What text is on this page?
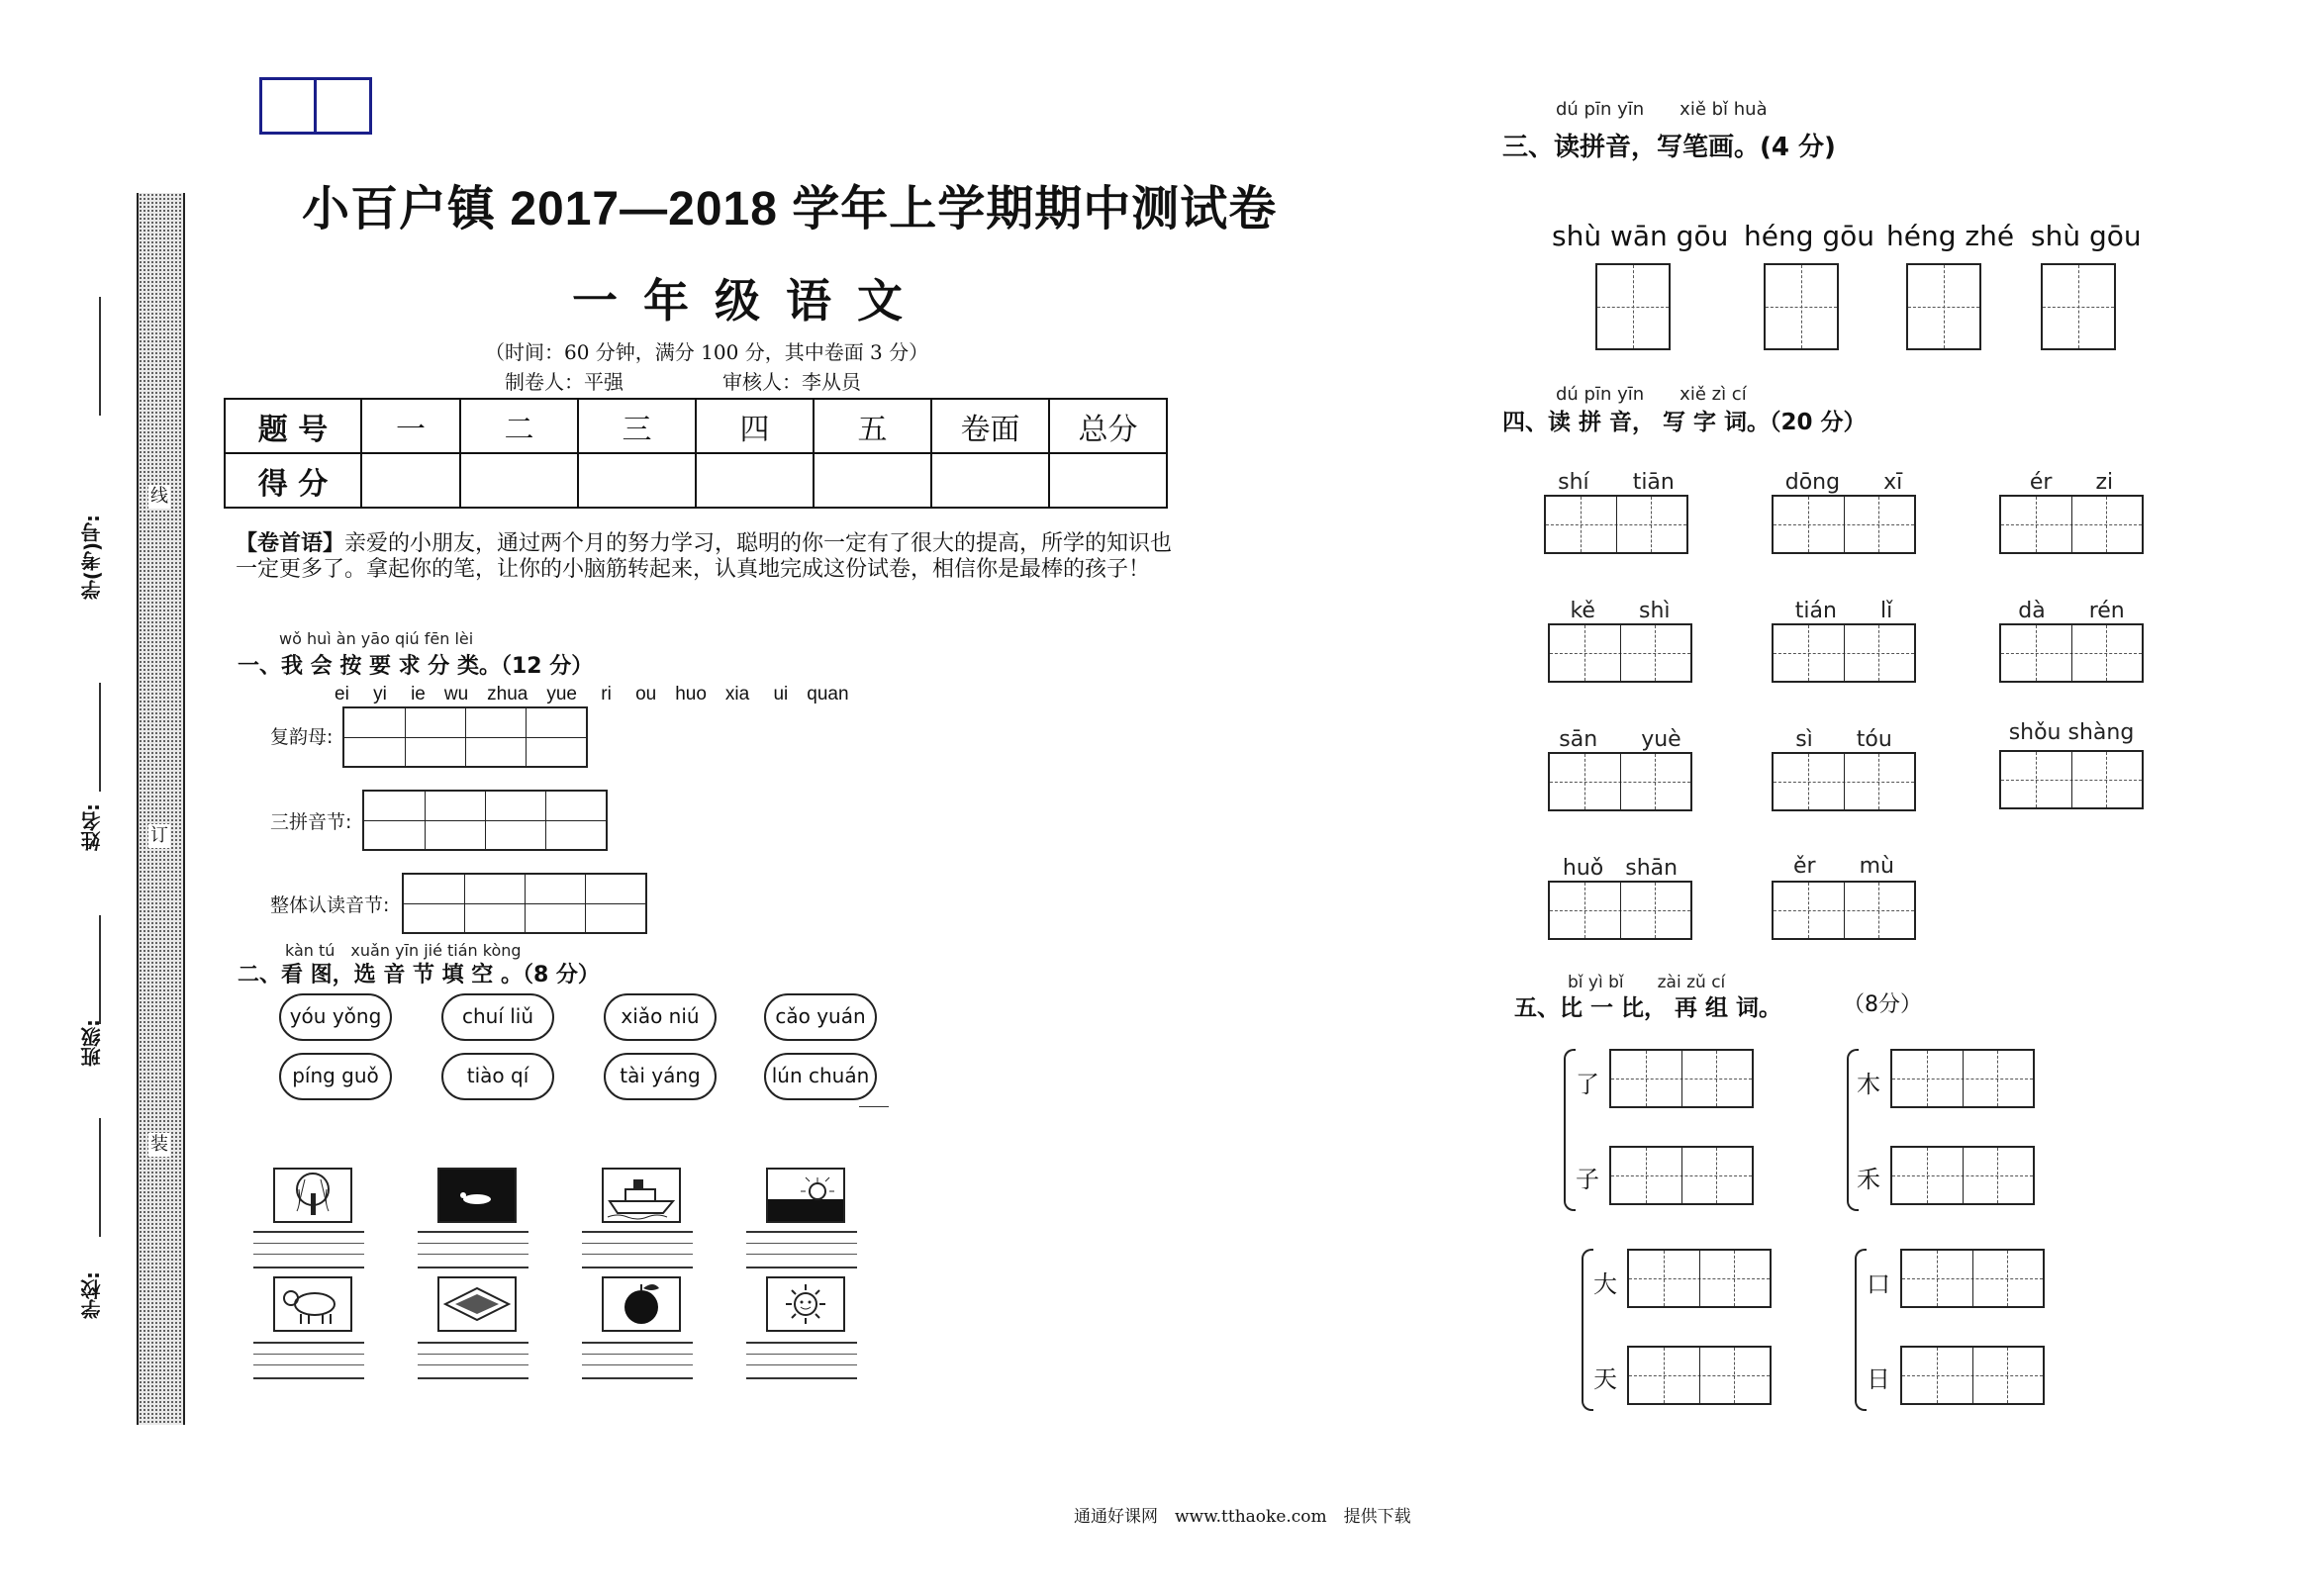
线
订
装
学(考)号:
姓名:
班级:
学校:
小百户镇 2017—2018 学年上学期期中测试卷
一年级语文
（时间：60 分钟，满分 100 分，其中卷面 3 分）
制卷人：平强　　　　　审核人：李从员
题 号	一	二	三	四	五	卷面	总分
得 分							
【卷首语】亲爱的小朋友，通过两个月的努力学习，聪明的你一定有了很大的提高，所学的知识也一定更多了。拿起你的笔，让你的小脑筋转起来，认真地完成这份试卷，相信你是最棒的孩子！
wǒ huì àn yāo qiú fēn lèi
一、我 会 按 要 求 分 类。（12 分）
ei　 yi　 ie　wu　zhua　yue　 ri　 ou　huo　xia　 ui　quan
复韵母:
三拼音节:
整体认读音节:
kàn tú　xuǎn yīn jié tián kòng
二、看 图，选 音 节 填 空 。（8 分）
yóu yǒng	chuí liǔ	xiǎo niú	cǎo yuán
píng guǒ	tiào qí	tài yáng	lún chuán
dú pīn yīn　　xiě bǐ huà
三、读拼音，写笔画。(4 分)
shù wān gōu héng gōu héng zhé shù gōu
dú pīn yīn　　xiě zì cí
四、读 拼 音， 写 字 词。（20 分）
shí　　 tiān	dōng　　 xī	ér　　 zi
kě　　 shì	tián　　 lǐ	dà　　 rén
sān　　 yuè	sì　　 tóu	shǒu shàng
huǒ　 shān	ěr　　 mù
bǐ yì bǐ　　zài zǔ cí
五、比 一 比， 再 组 词。	（8分）
了
子
木
禾
大
天
口
日
通通好课网　www.tthaoke.com　提供下载
